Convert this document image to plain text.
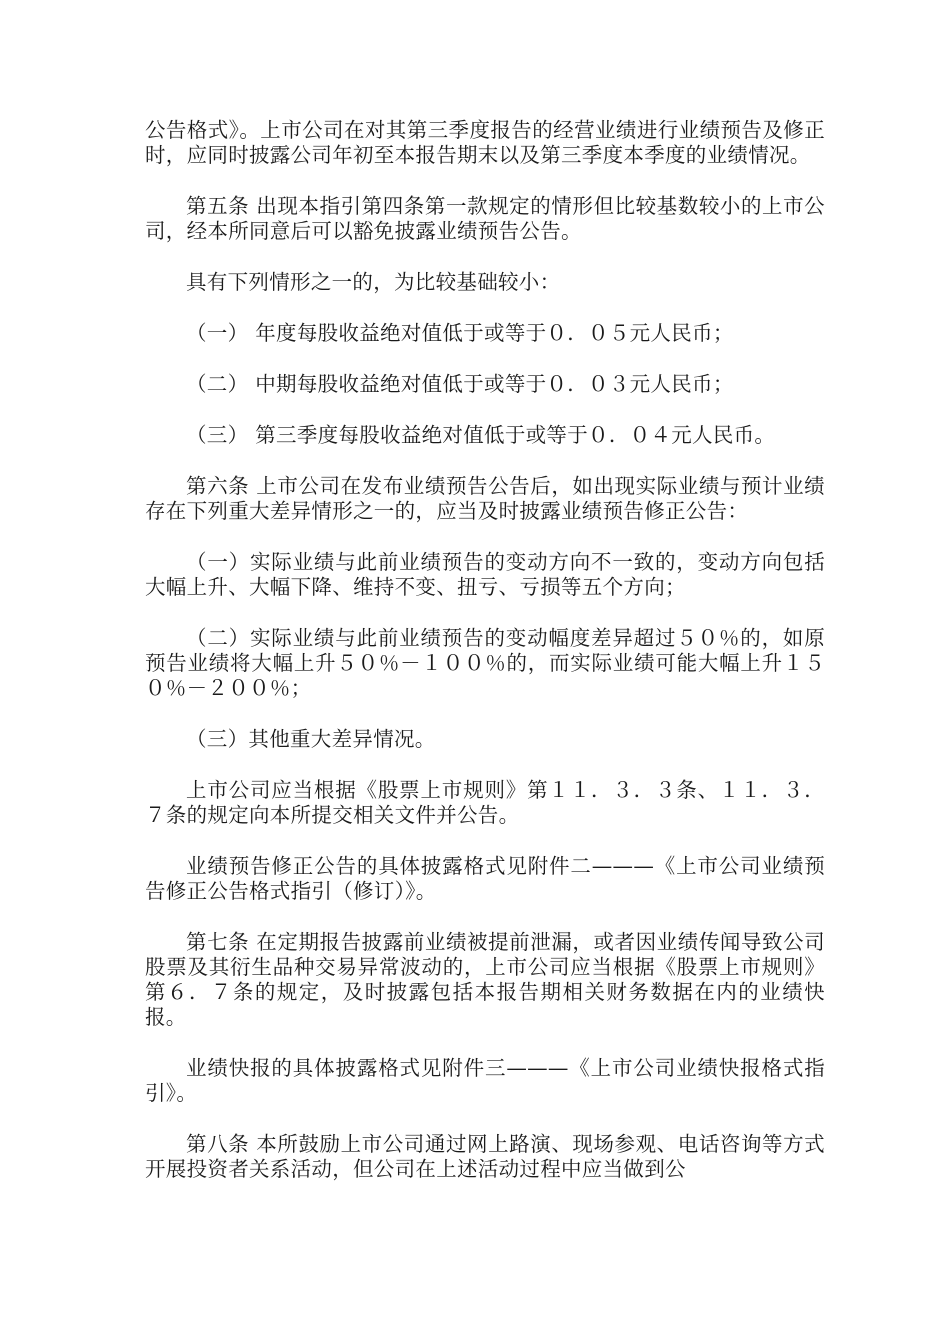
公告格式》。上市公司在对其第三季度报告的经营业绩进行业绩预告及修正时，应同时披露公司年初至本报告期末以及第三季度本季度的业绩情况。

第五条 出现本指引第四条第一款规定的情形但比较基数较小的上市公司，经本所同意后可以豁免披露业绩预告公告。

具有下列情形之一的，为比较基础较小：

（一） 年度每股收益绝对值低于或等于０．０５元人民币；

（二） 中期每股收益绝对值低于或等于０．０３元人民币；

（三） 第三季度每股收益绝对值低于或等于０．０４元人民币。

第六条 上市公司在发布业绩预告公告后，如出现实际业绩与预计业绩存在下列重大差异情形之一的，应当及时披露业绩预告修正公告：

（一）实际业绩与此前业绩预告的变动方向不一致的，变动方向包括大幅上升、大幅下降、维持不变、扭亏、亏损等五个方向；

（二）实际业绩与此前业绩预告的变动幅度差异超过５０％的，如原预告业绩将大幅上升５０％－１００％的，而实际业绩可能大幅上升１５０％－２００％；

（三）其他重大差异情况。

上市公司应当根据《股票上市规则》第１１．３．３条、１１．３．７条的规定向本所提交相关文件并公告。

业绩预告修正公告的具体披露格式见附件二———《上市公司业绩预告修正公告格式指引（修订）》。

第七条 在定期报告披露前业绩被提前泄漏，或者因业绩传闻导致公司股票及其衍生品种交易异常波动的，上市公司应当根据《股票上市规则》第６．７条的规定，及时披露包括本报告期相关财务数据在内的业绩快报。

业绩快报的具体披露格式见附件三———《上市公司业绩快报格式指引》。

第八条 本所鼓励上市公司通过网上路演、现场参观、电话咨询等方式开展投资者关系活动，但公司在上述活动过程中应当做到公
